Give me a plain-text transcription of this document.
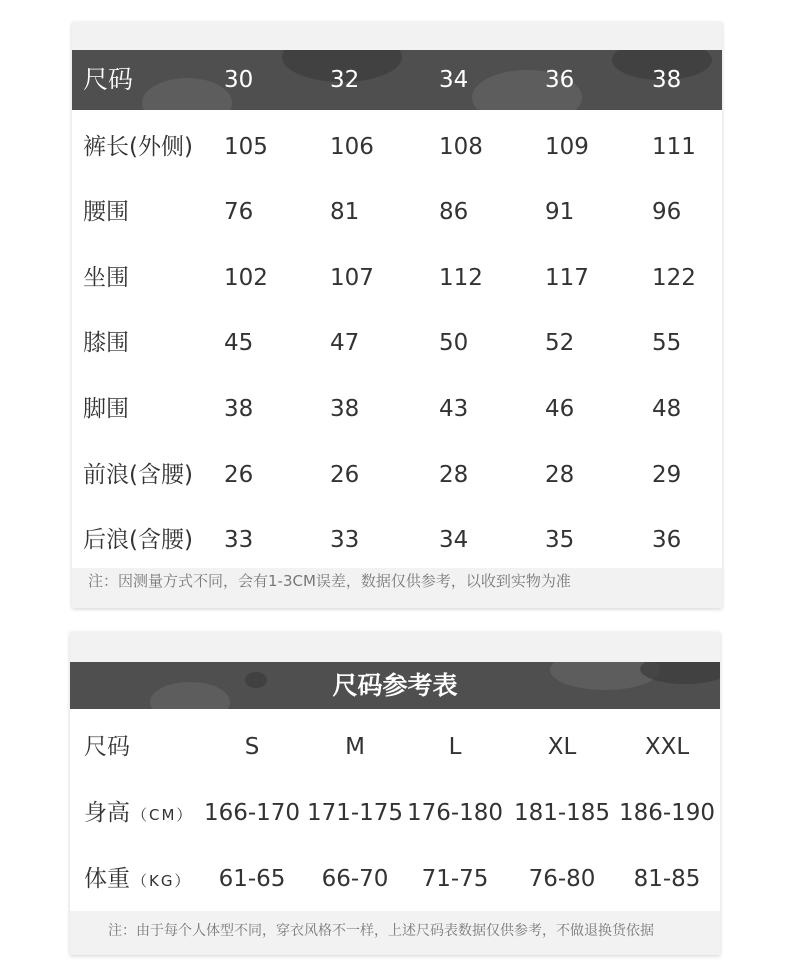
尺码	30	32	34	36	38
裤长(外侧) 105	106	108	109	111
腰围	76	81	86	91	96
坐围	102	107	112	117	122
膝围	45	47	50	52	55
脚围	38	38	43	46	48
前浪(含腰) 26	26	28	28	29
后浪(含腰) 33	33	34	35	36
注：因测量方式不同，会有1-3CM误差，数据仅供参考，以收到实物为准
尺码参考表
尺码	S	M	L	XL	XXL
身高 （CM） 166-170 171-175 176-180 181-185 186-190
体重 （KG）	61-65	66-70	71-75	76-80	81-85
注：由于每个人体型不同，穿衣风格不一样，上述尺码表数据仅供参考，不做退换货依据
